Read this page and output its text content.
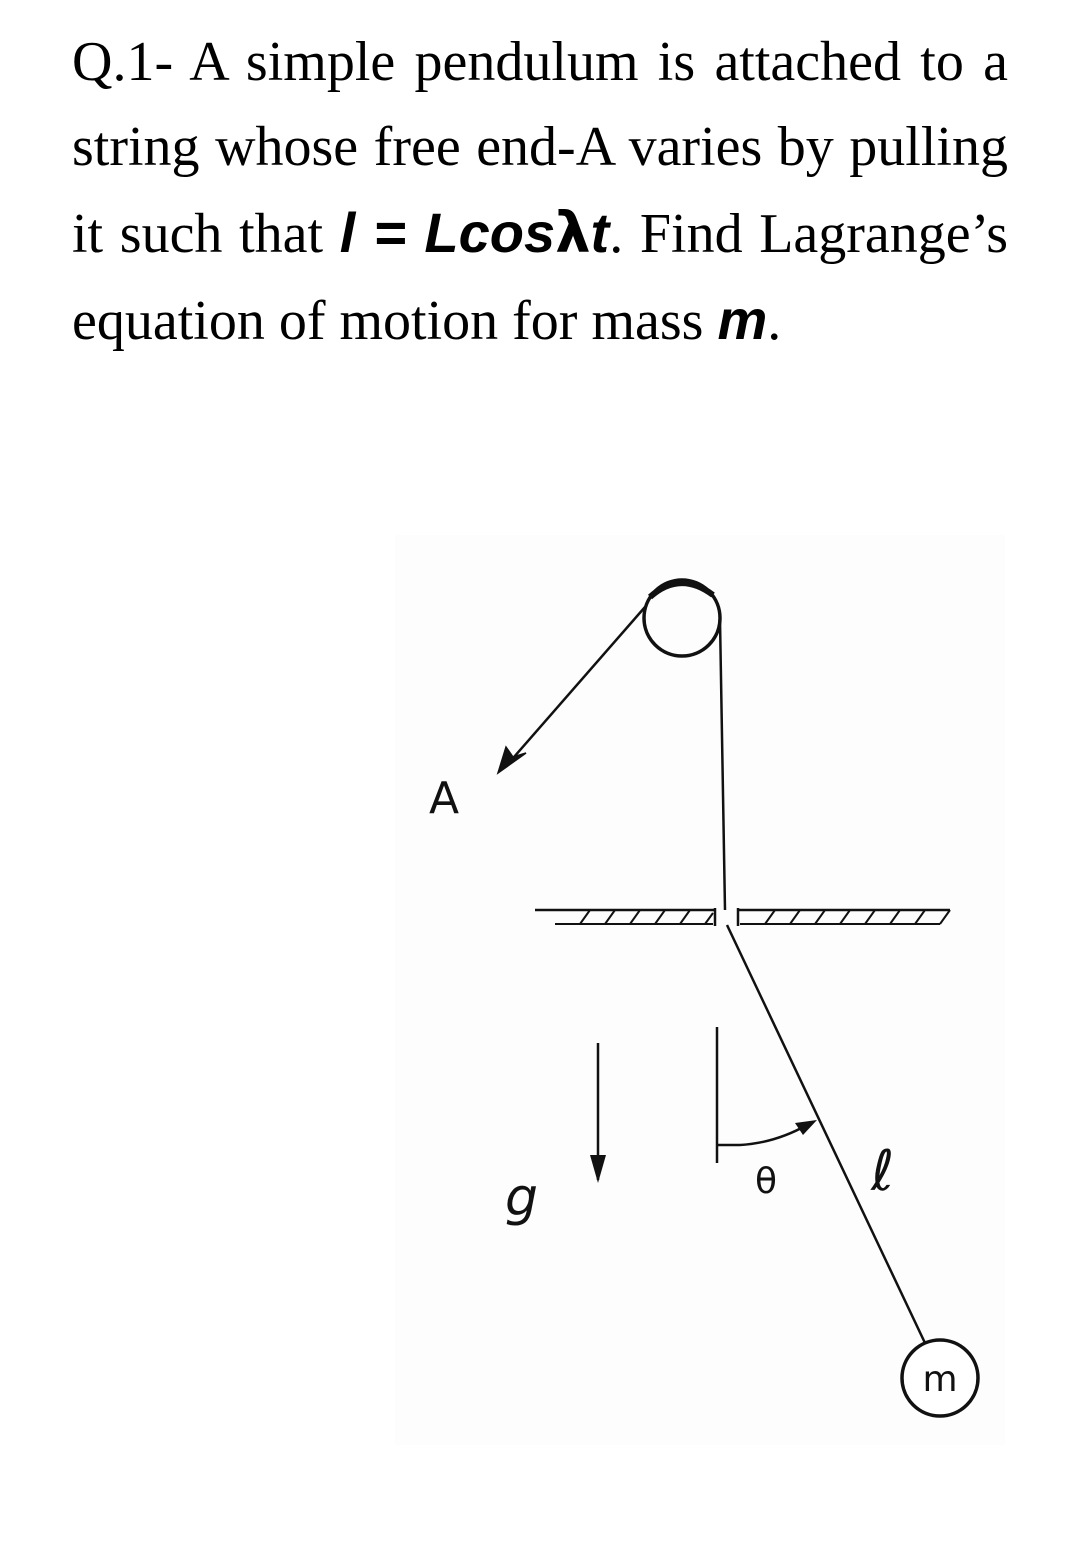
Q.1- A simple pendulum is attached to a string whose free end-A varies by pulling it such that l = Lcosλt. Find Lagrange’s equation of motion for mass m.

A
g	θ ℓ
m
